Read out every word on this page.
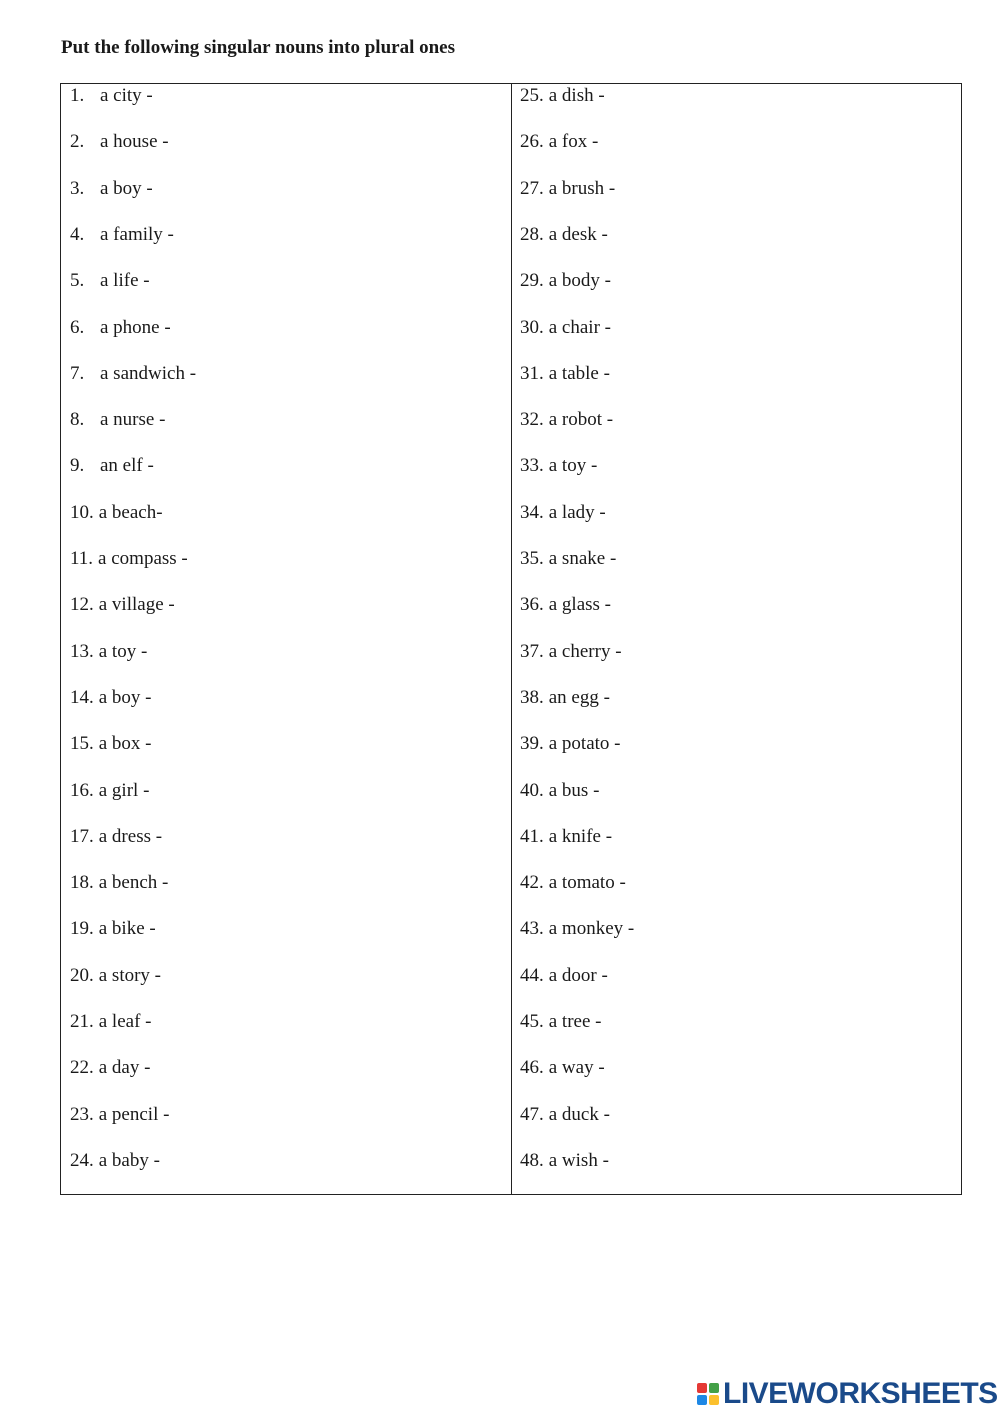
Put the following singular nouns into plural ones

1. a city -
2. a house -
3. a boy -
4. a family -
5. a life -
6. a phone -
7. a sandwich -
8. a nurse -
9. an elf -
10. a beach-
11. a compass -
12. a village -
13. a toy -
14. a boy -
15. a box -
16. a girl -
17. a dress -
18. a bench -
19. a bike -
20. a story -
21. a leaf -
22. a day -
23. a pencil -
24. a baby -
25. a dish -
26. a fox -
27. a brush -
28. a desk -
29. a body -
30. a chair -
31. a table -
32. a robot -
33. a toy -
34. a lady -
35. a snake -
36. a glass -
37. a cherry -
38. an egg -
39. a potato -
40. a bus -
41. a knife -
42. a tomato -
43. a monkey -
44. a door -
45. a tree -
46. a way -
47. a duck -
48. a wish -
LIVEWORKSHEETS
